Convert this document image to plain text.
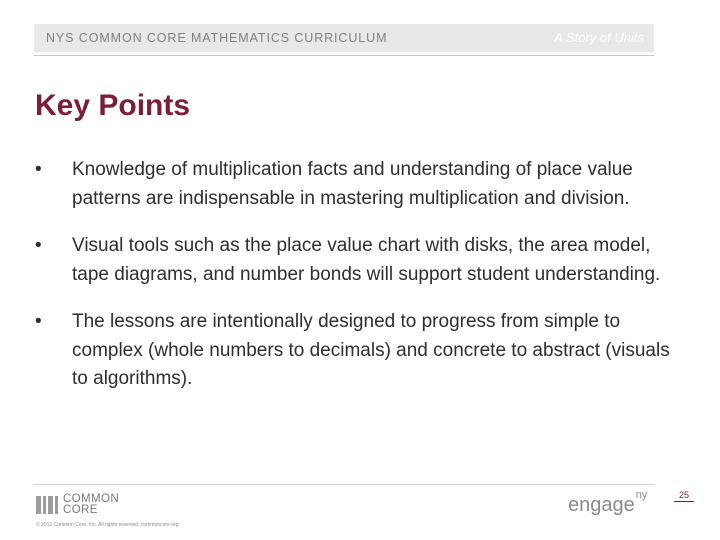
NYS COMMON CORE MATHEMATICS CURRICULUM	A Story of Units
Key Points
•	Knowledge of multiplication facts and understanding of place value patterns are indispensable in mastering multiplication and division.
•	Visual tools such as the place value chart with disks, the area model, tape diagrams, and number bonds will support student understanding.
•	The lessons are intentionally designed to progress from simple to complex (whole numbers to decimals) and concrete to abstract (visuals to algorithms).
COMMON
CORE
© 2012 Common Core, Inc. All rights reserved. commoncore.org
engage$^{ny}$	25
